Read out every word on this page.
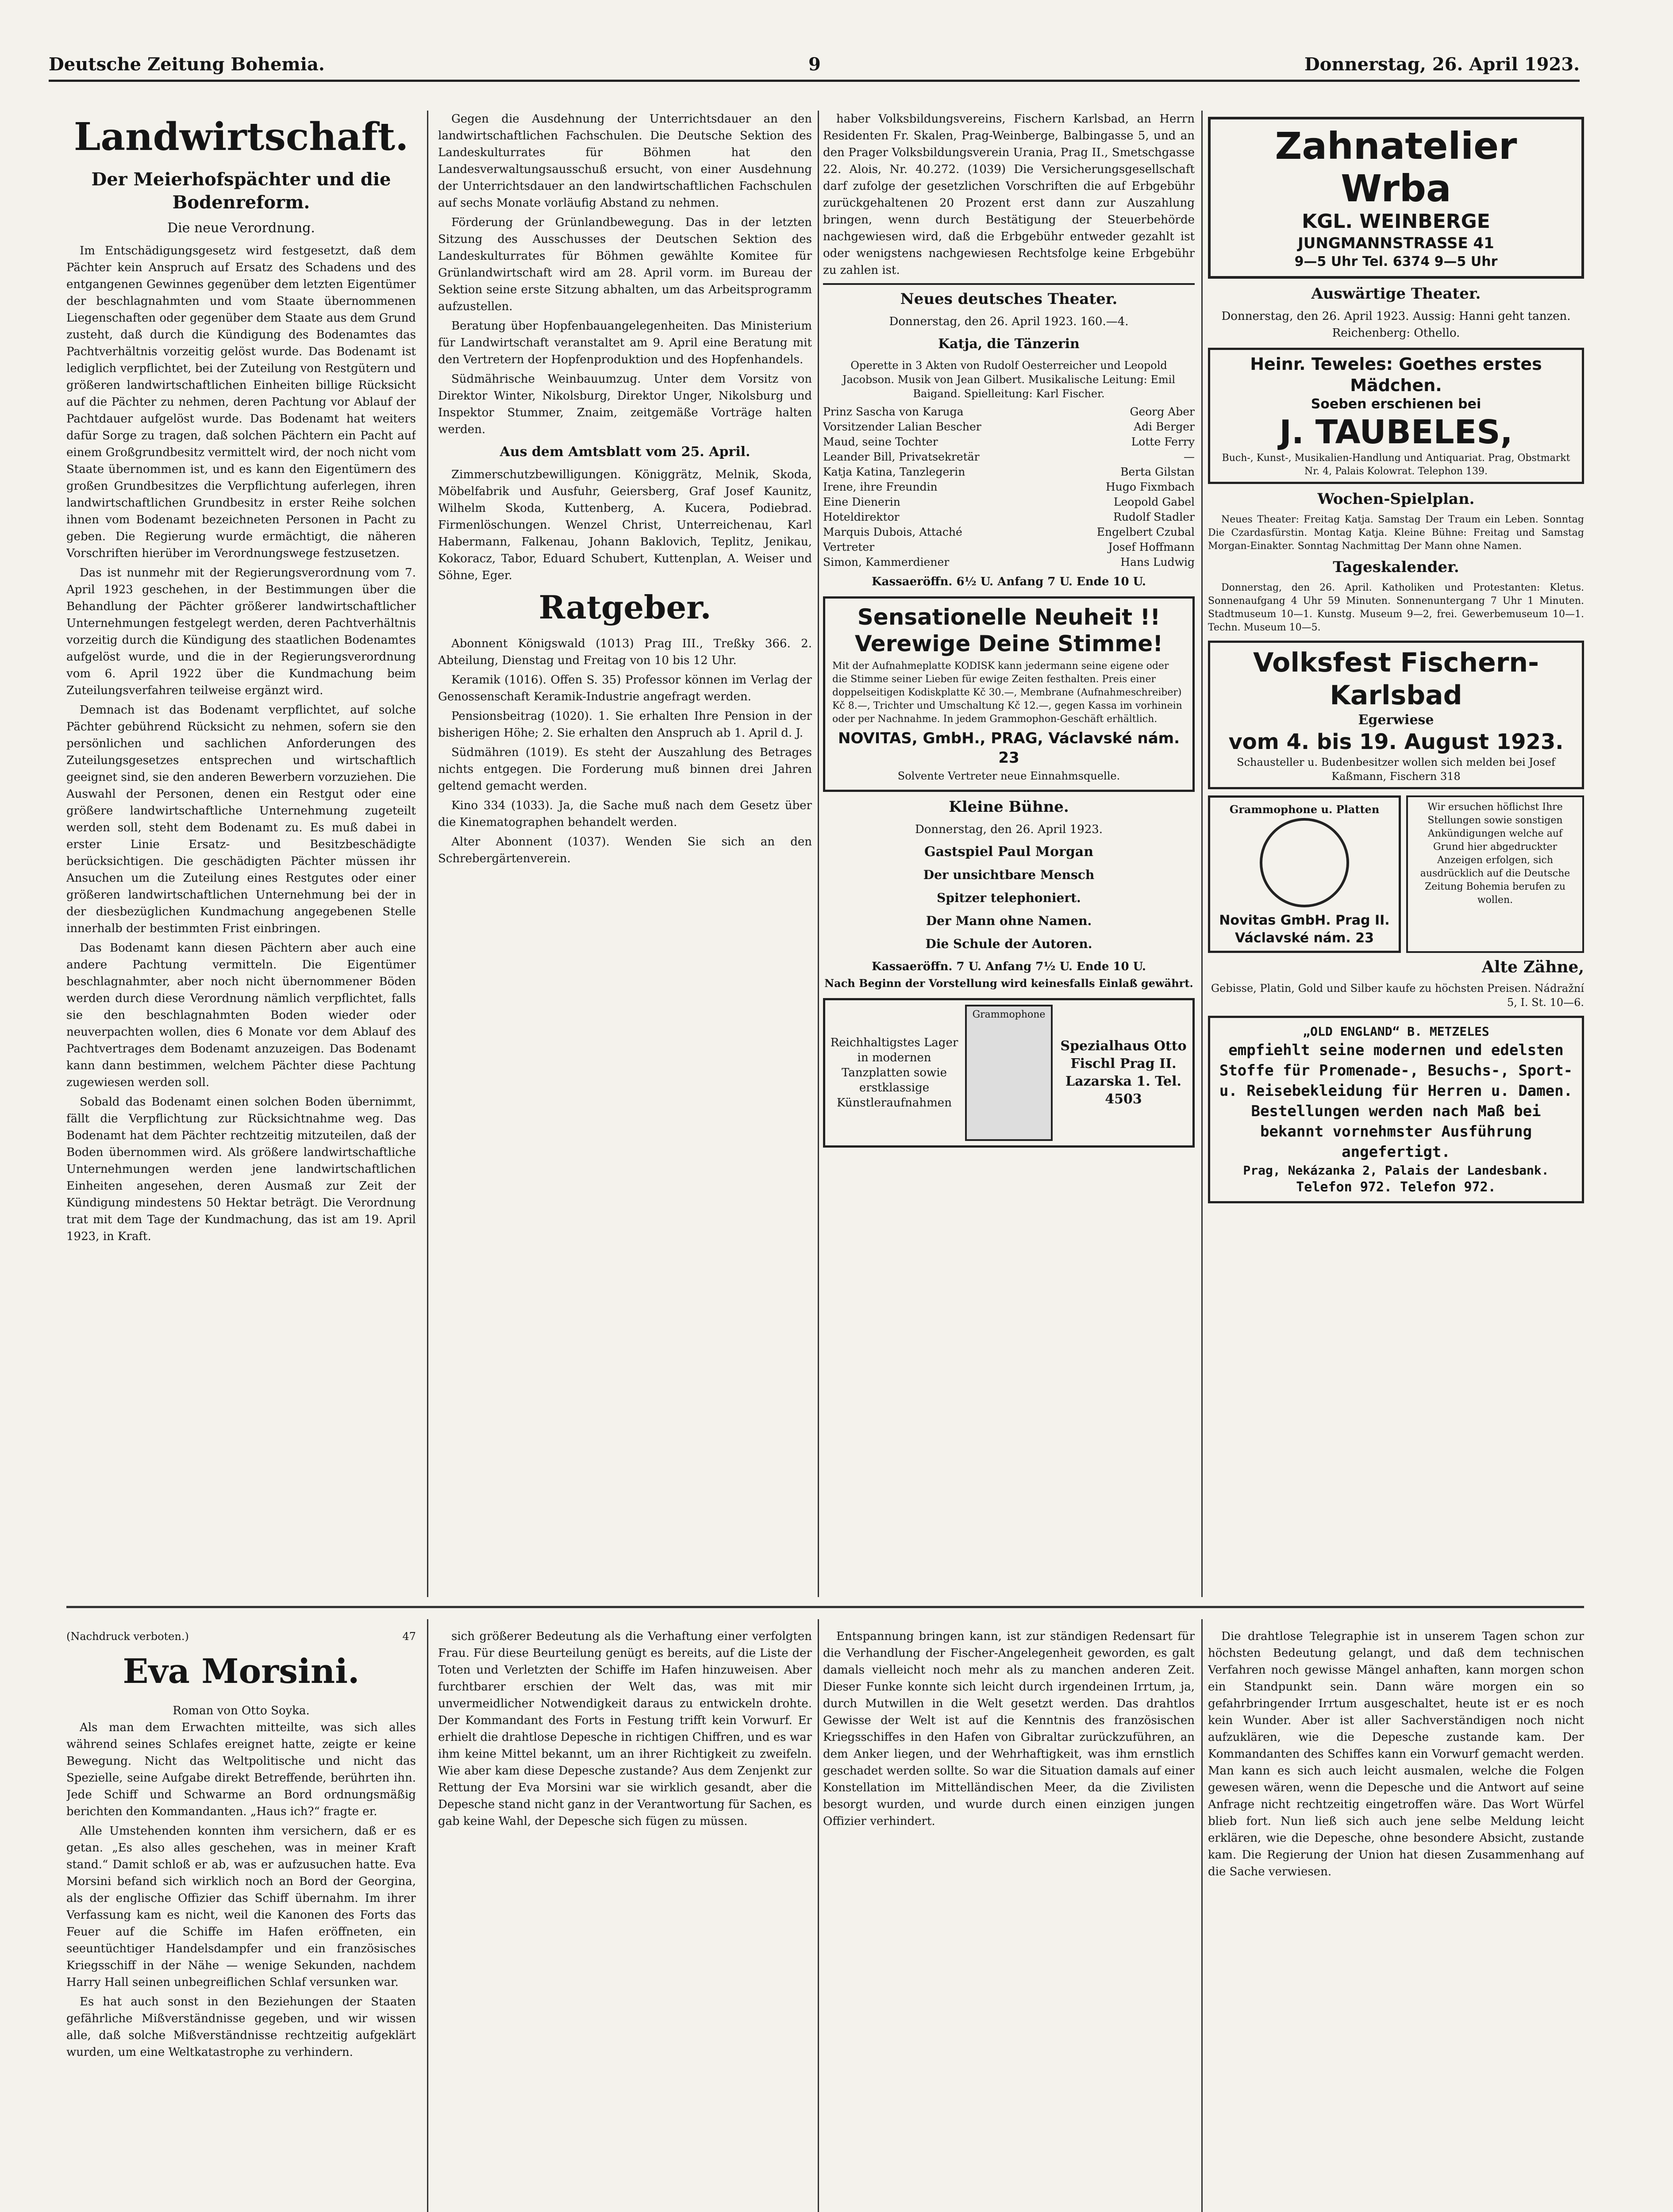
Deutsche Zeitung Bohemia.	9	Donnerstag, 26. April 1923.
Landwirtschaft.
Der Meierhofspächter und die Bodenreform.
Die neue Verordnung.

Im Entschädigungsgesetz wird festgesetzt, daß dem Pächter kein Anspruch auf Ersatz des Schadens und des entgangenen Gewinnes gegenüber dem letzten Eigentümer der beschlagnahmten und vom Staate übernommenen Liegenschaften oder gegenüber dem Staate aus dem Grund zusteht, daß durch die Kündigung des Bodenamtes das Pachtverhältnis vorzeitig gelöst wurde. Das Bodenamt ist lediglich verpflichtet, bei der Zuteilung von Restgütern und größeren landwirtschaftlichen Einheiten billige Rücksicht auf die Pächter zu nehmen, deren Pachtung vor Ablauf der Pachtdauer aufgelöst wurde. Das Bodenamt hat weiters dafür Sorge zu tragen, daß solchen Pächtern ein Pacht auf einem Großgrundbesitz vermittelt wird, der noch nicht vom Staate übernommen ist, und es kann den Eigentümern des großen Grundbesitzes die Verpflichtung auferlegen, ihren landwirtschaftlichen Grundbesitz in erster Reihe solchen ihnen vom Bodenamt bezeichneten Personen in Pacht zu geben. Die Regierung wurde ermächtigt, die näheren Vorschriften hierüber im Verordnungswege festzusetzen.

Das ist nunmehr mit der Regierungsverordnung vom 7. April 1923 geschehen, in der Bestimmungen über die Behandlung der Pächter größerer landwirtschaftlicher Unternehmungen festgelegt werden, deren Pachtverhältnis vorzeitig durch die Kündigung des staatlichen Bodenamtes aufgelöst wurde, und die in der Regierungsverordnung vom 6. April 1922 über die Kundmachung beim Zuteilungsverfahren teilweise ergänzt wird.

Demnach ist das Bodenamt verpflichtet, auf solche Pächter gebührend Rücksicht zu nehmen, sofern sie den persönlichen und sachlichen Anforderungen des Zuteilungsgesetzes entsprechen und wirtschaftlich geeignet sind, sie den anderen Bewerbern vorzuziehen. Die Auswahl der Personen, denen ein Restgut oder eine größere landwirtschaftliche Unternehmung zugeteilt werden soll, steht dem Bodenamt zu. Es muß dabei in erster Linie Ersatz- und Besitzbeschädigte berücksichtigen. Die geschädigten Pächter müssen ihr Ansuchen um die Zuteilung eines Restgutes oder einer größeren landwirtschaftlichen Unternehmung bei der in der diesbezüglichen Kundmachung angegebenen Stelle innerhalb der bestimmten Frist einbringen.

Das Bodenamt kann diesen Pächtern aber auch eine andere Pachtung vermitteln. Die Eigentümer beschlagnahmter, aber noch nicht übernommener Böden werden durch diese Verordnung nämlich verpflichtet, falls sie den beschlagnahmten Boden wieder oder neuverpachten wollen, dies 6 Monate vor dem Ablauf des Pachtvertrages dem Bodenamt anzuzeigen. Das Bodenamt kann dann bestimmen, welchem Pächter diese Pachtung zugewiesen werden soll.

Sobald das Bodenamt einen solchen Boden übernimmt, fällt die Verpflichtung zur Rücksichtnahme weg. Das Bodenamt hat dem Pächter rechtzeitig mitzuteilen, daß der Boden übernommen wird. Als größere landwirtschaftliche Unternehmungen werden jene landwirtschaftlichen Einheiten angesehen, deren Ausmaß zur Zeit der Kündigung mindestens 50 Hektar beträgt. Die Verordnung trat mit dem Tage der Kundmachung, das ist am 19. April 1923, in Kraft.

Gegen die Ausdehnung der Unterrichtsdauer an den landwirtschaftlichen Fachschulen. Die Deutsche Sektion des Landeskulturrates für Böhmen hat den Landesverwaltungsausschuß ersucht, von einer Ausdehnung der Unterrichtsdauer an den landwirtschaftlichen Fachschulen auf sechs Monate vorläufig Abstand zu nehmen.

Förderung der Grünlandbewegung. Das in der letzten Sitzung des Ausschusses der Deutschen Sektion des Landeskulturrates für Böhmen gewählte Komitee für Grünlandwirtschaft wird am 28. April vorm. im Bureau der Sektion seine erste Sitzung abhalten, um das Arbeitsprogramm aufzustellen.

Beratung über Hopfenbauangelegenheiten. Das Ministerium für Landwirtschaft veranstaltet am 9. April eine Beratung mit den Vertretern der Hopfenproduktion und des Hopfenhandels.

Südmährische Weinbauumzug. Unter dem Vorsitz von Direktor Winter, Nikolsburg, Direktor Unger, Nikolsburg und Inspektor Stummer, Znaim, zeitgemäße Vorträge halten werden.

Aus dem Amtsblatt vom 25. April.

Zimmerschutzbewilligungen. Königgrätz, Melnik, Skoda, Möbelfabrik und Ausfuhr, Geiersberg, Graf Josef Kaunitz, Wilhelm Skoda, Kuttenberg, A. Kucera, Podiebrad. Firmenlöschungen. Wenzel Christ, Unterreichenau, Karl Habermann, Falkenau, Johann Baklovich, Teplitz, Jenikau, Kokoracz, Tabor, Eduard Schubert, Kuttenplan, A. Weiser und Söhne, Eger.

Ratgeber.

Abonnent Königswald (1013) Prag III., Treßky 366. 2. Abteilung, Dienstag und Freitag von 10 bis 12 Uhr.

Keramik (1016). Offen S. 35) Professor können im Verlag der Genossenschaft Keramik-Industrie angefragt werden.

Pensionsbeitrag (1020). 1. Sie erhalten Ihre Pension in der bisherigen Höhe; 2. Sie erhalten den Anspruch ab 1. April d. J.

Südmähren (1019). Es steht der Auszahlung des Betrages nichts entgegen. Die Forderung muß binnen drei Jahren geltend gemacht werden.

Kino 334 (1033). Ja, die Sache muß nach dem Gesetz über die Kinematographen behandelt werden.

Alter Abonnent (1037). Wenden Sie sich an den Schrebergärtenverein.

haber Volksbildungsvereins, Fischern Karlsbad, an Herrn Residenten Fr. Skalen, Prag-Weinberge, Balbingasse 5, und an den Prager Volksbildungsverein Urania, Prag II., Smetschgasse 22. Alois, Nr. 40.272. (1039) Die Versicherungsgesellschaft darf zufolge der gesetzlichen Vorschriften die auf Erbgebühr zurückgehaltenen 20 Prozent erst dann zur Auszahlung bringen, wenn durch Bestätigung der Steuerbehörde nachgewiesen wird, daß die Erbgebühr entweder gezahlt ist oder wenigstens nachgewiesen Rechtsfolge keine Erbgebühr zu zahlen ist.

Neues deutsches Theater.
Donnerstag, den 26. April 1923. 160.—4.
Katja, die Tänzerin
Operette in 3 Akten von Rudolf Oesterreicher und Leopold Jacobson. Musik von Jean Gilbert. Musikalische Leitung: Emil Baigand. Spielleitung: Karl Fischer.
Prinz Sascha von Karuga	Georg Aber
Vorsitzender Lalian Bescher	Adi Berger
Maud, seine Tochter	Lotte Ferry
Leander Bill, Privatsekretär	—
Katja Katina, Tanzlegerin	Berta Gilstan
Irene, ihre Freundin	Hugo Fixmbach
Eine Dienerin	Leopold Gabel
Hoteldirektor	Rudolf Stadler
Marquis Dubois, Attaché	Engelbert Czubal
Vertreter	Josef Hoffmann
Simon, Kammerdiener	Hans Ludwig
Kassaeröffn. 6½ U. Anfang 7 U. Ende 10 U.
Sensationelle Neuheit !!
Verewige Deine Stimme!
Mit der Aufnahmeplatte KODISK kann jedermann seine eigene oder die Stimme seiner Lieben für ewige Zeiten festhalten. Preis einer doppelseitigen Kodiskplatte Kč 30.—, Membrane (Aufnahmeschreiber) Kč 8.—, Trichter und Umschaltung Kč 12.—, gegen Kassa im vorhinein oder per Nachnahme. In jedem Grammophon-Geschäft erhältlich.
NOVITAS, GmbH., PRAG, Václavské nám. 23
Solvente Vertreter neue Einnahmsquelle.
Kleine Bühne.
Donnerstag, den 26. April 1923.
Gastspiel Paul Morgan
Der unsichtbare Mensch
Spitzer telephoniert.
Der Mann ohne Namen.
Die Schule der Autoren.
Kassaeröffn. 7 U. Anfang 7½ U. Ende 10 U.
Nach Beginn der Vorstellung wird keinesfalls Einlaß gewährt.
Reichhaltigstes Lager in modernen Tanzplatten sowie erstklassige Künstleraufnahmen
Grammophone
Spezialhaus Otto Fischl Prag II. Lazarska 1. Tel. 4503
Zahnatelier Wrba
KGL. WEINBERGE
JUNGMANNSTRASSE 41
9—5 Uhr Tel. 6374 9—5 Uhr
Auswärtige Theater.
Donnerstag, den 26. April 1923. Aussig: Hanni geht tanzen. Reichenberg: Othello.
Heinr. Teweles: Goethes erstes Mädchen.
Soeben erschienen bei
J. TAUBELES,
Buch-, Kunst-, Musikalien-Handlung und Antiquariat. Prag, Obstmarkt Nr. 4, Palais Kolowrat. Telephon 139.
Wochen-Spielplan.

Neues Theater: Freitag Katja. Samstag Der Traum ein Leben. Sonntag Die Czardasfürstin. Montag Katja. Kleine Bühne: Freitag und Samstag Morgan-Einakter. Sonntag Nachmittag Der Mann ohne Namen.

Tageskalender.

Donnerstag, den 26. April. Katholiken und Protestanten: Kletus. Sonnenaufgang 4 Uhr 59 Minuten. Sonnenuntergang 7 Uhr 1 Minuten. Stadtmuseum 10—1. Kunstg. Museum 9—2, frei. Gewerbemuseum 10—1. Techn. Museum 10—5.

Volksfest Fischern-Karlsbad
Egerwiese
vom 4. bis 19. August 1923.
Schausteller u. Budenbesitzer wollen sich melden bei Josef Kaßmann, Fischern 318
Grammophone u. Platten
Novitas GmbH. Prag II. Václavské nám. 23
Wir ersuchen höflichst Ihre Stellungen sowie sonstigen Ankündigungen welche auf Grund hier abgedruckter Anzeigen erfolgen, sich ausdrücklich auf die Deutsche Zeitung Bohemia berufen zu wollen.
Alte Zähne,
Gebisse, Platin, Gold und Silber kaufe zu höchsten Preisen. Nádražní 5, I. St. 10—6.
„OLD ENGLAND“ B. METZELES
empfiehlt seine modernen und edelsten Stoffe für Promenade-, Besuchs-, Sport- u. Reisebekleidung für Herren u. Damen. Bestellungen werden nach Maß bei bekannt vornehmster Ausführung angefertigt.
Prag, Nekázanka 2, Palais der Landesbank.
Telefon 972. Telefon 972.
(Nachdruck verboten.)	47
Eva Morsini.
Roman von Otto Soyka.

Als man dem Erwachten mitteilte, was sich alles während seines Schlafes ereignet hatte, zeigte er keine Bewegung. Nicht das Weltpolitische und nicht das Spezielle, seine Aufgabe direkt Betreffende, berührten ihn. Jede Schiff und Schwarme an Bord ordnungsmäßig berichten den Kommandanten. „Haus ich?“ fragte er.

Alle Umstehenden konnten ihm versichern, daß er es getan. „Es also alles geschehen, was in meiner Kraft stand.“ Damit schloß er ab, was er aufzusuchen hatte. Eva Morsini befand sich wirklich noch an Bord der Georgina, als der englische Offizier das Schiff übernahm. Im ihrer Verfassung kam es nicht, weil die Kanonen des Forts das Feuer auf die Schiffe im Hafen eröffneten, ein seeuntüchtiger Handelsdampfer und ein französisches Kriegsschiff in der Nähe — wenige Sekunden, nachdem Harry Hall seinen unbegreiflichen Schlaf versunken war.

Es hat auch sonst in den Beziehungen der Staaten gefährliche Mißverständnisse gegeben, und wir wissen alle, daß solche Mißverständnisse rechtzeitig aufgeklärt wurden, um eine Weltkatastrophe zu verhindern.

sich größerer Bedeutung als die Verhaftung einer verfolgten Frau. Für diese Beurteilung genügt es bereits, auf die Liste der Toten und Verletzten der Schiffe im Hafen hinzuweisen. Aber furchtbarer erschien der Welt das, was mit mir unvermeidlicher Notwendigkeit daraus zu entwickeln drohte. Der Kommandant des Forts in Festung trifft kein Vorwurf. Er erhielt die drahtlose Depesche in richtigen Chiffren, und es war ihm keine Mittel bekannt, um an ihrer Richtigkeit zu zweifeln. Wie aber kam diese Depesche zustande? Aus dem Zenjenkt zur Rettung der Eva Morsini war sie wirklich gesandt, aber die Depesche stand nicht ganz in der Verantwortung für Sachen, es gab keine Wahl, der Depesche sich fügen zu müssen.

Entspannung bringen kann, ist zur ständigen Redensart für die Verhandlung der Fischer-Angelegenheit geworden, es galt damals vielleicht noch mehr als zu manchen anderen Zeit. Dieser Funke konnte sich leicht durch irgendeinen Irrtum, ja, durch Mutwillen in die Welt gesetzt werden. Das drahtlos Gewisse der Welt ist auf die Kenntnis des französischen Kriegsschiffes in den Hafen von Gibraltar zurückzuführen, an dem Anker liegen, und der Wehrhaftigkeit, was ihm ernstlich geschadet werden sollte. So war die Situation damals auf einer Konstellation im Mittelländischen Meer, da die Zivilisten besorgt wurden, und wurde durch einen einzigen jungen Offizier verhindert.

Die drahtlose Telegraphie ist in unserem Tagen schon zur höchsten Bedeutung gelangt, und daß dem technischen Verfahren noch gewisse Mängel anhaften, kann morgen schon ein Standpunkt sein. Dann wäre morgen ein so gefahrbringender Irrtum ausgeschaltet, heute ist er es noch kein Wunder. Aber ist aller Sachverständigen noch nicht aufzuklären, wie die Depesche zustande kam. Der Kommandanten des Schiffes kann ein Vorwurf gemacht werden. Man kann es sich auch leicht ausmalen, welche die Folgen gewesen wären, wenn die Depesche und die Antwort auf seine Anfrage nicht rechtzeitig eingetroffen wäre. Das Wort Würfel blieb fort. Nun ließ sich auch jene selbe Meldung leicht erklären, wie die Depesche, ohne besondere Absicht, zustande kam. Die Regierung der Union hat diesen Zusammenhang auf die Sache verwiesen.
